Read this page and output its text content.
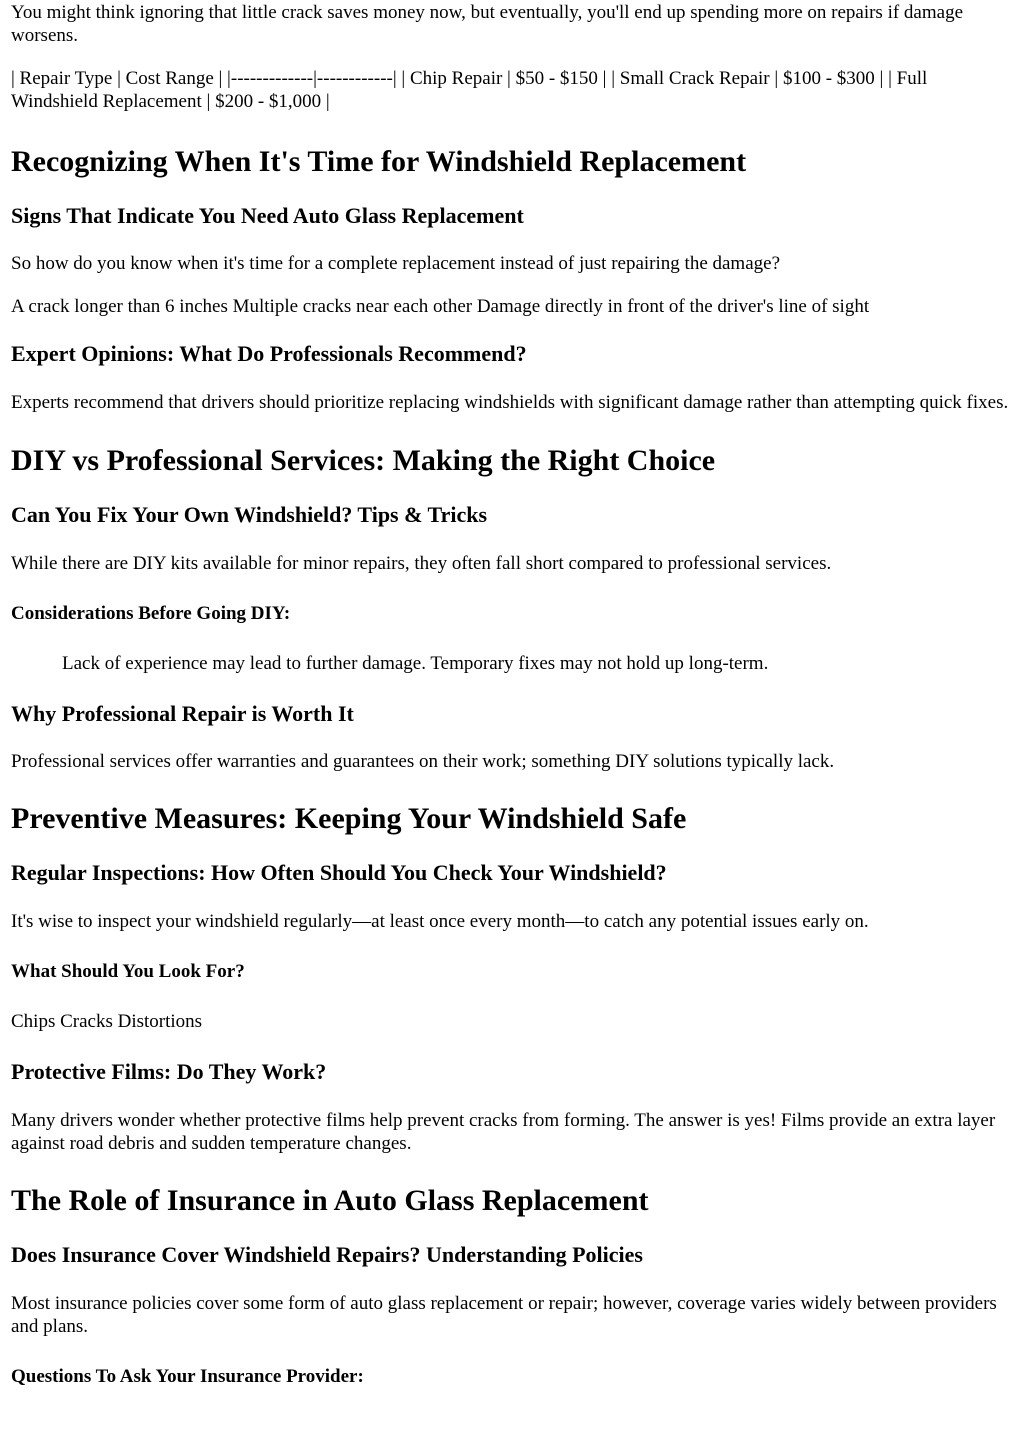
You might think ignoring that little crack saves money now, but eventually, you'll end up spending more on repairs if damage worsens.

| Repair Type | Cost Range | |-------------|------------| | Chip Repair | $50 - $150 | | Small Crack Repair | $100 - $300 | | Full Windshield Replacement | $200 - $1,000 |

Recognizing When It's Time for Windshield Replacement
Signs That Indicate You Need Auto Glass Replacement

So how do you know when it's time for a complete replacement instead of just repairing the damage?

A crack longer than 6 inches Multiple cracks near each other Damage directly in front of the driver's line of sight

Expert Opinions: What Do Professionals Recommend?

Experts recommend that drivers should prioritize replacing windshields with significant damage rather than attempting quick fixes.

DIY vs Professional Services: Making the Right Choice
Can You Fix Your Own Windshield? Tips & Tricks

While there are DIY kits available for minor repairs, they often fall short compared to professional services.

Considerations Before Going DIY:

Lack of experience may lead to further damage. Temporary fixes may not hold up long-term.

Why Professional Repair is Worth It

Professional services offer warranties and guarantees on their work; something DIY solutions typically lack.

Preventive Measures: Keeping Your Windshield Safe
Regular Inspections: How Often Should You Check Your Windshield?

It's wise to inspect your windshield regularly—at least once every month—to catch any potential issues early on.

What Should You Look For?

Chips Cracks Distortions

Protective Films: Do They Work?

Many drivers wonder whether protective films help prevent cracks from forming. The answer is yes! Films provide an extra layer against road debris and sudden temperature changes.

The Role of Insurance in Auto Glass Replacement
Does Insurance Cover Windshield Repairs? Understanding Policies

Most insurance policies cover some form of auto glass replacement or repair; however, coverage varies widely between providers and plans.

Questions To Ask Your Insurance Provider:
